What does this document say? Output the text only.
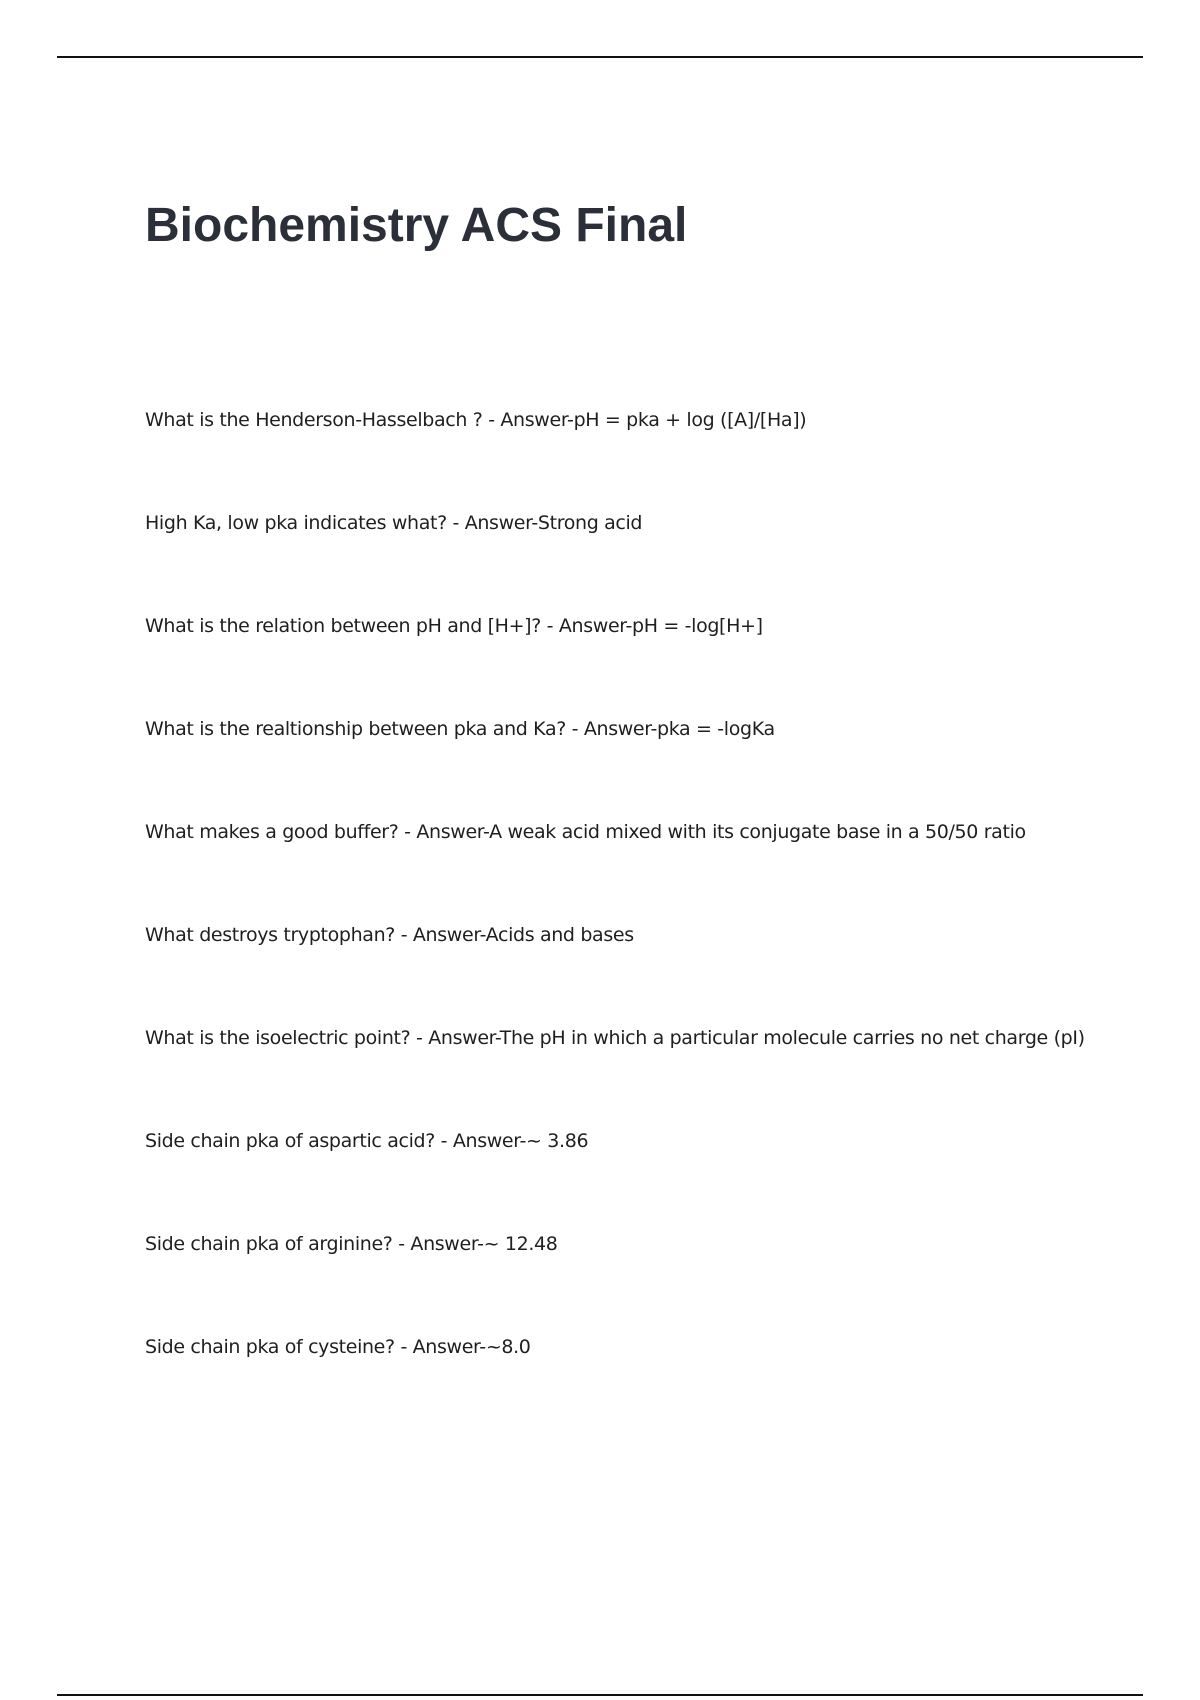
Biochemistry ACS Final
What is the Henderson-Hasselbach ? - Answer-pH = pka + log ([A]/[Ha])
High Ka, low pka indicates what? - Answer-Strong acid
What is the relation between pH and [H+]? - Answer-pH = -log[H+]
What is the realtionship between pka and Ka? - Answer-pka = -logKa
What makes a good buffer? - Answer-A weak acid mixed with its conjugate base in a 50/50 ratio
What destroys tryptophan? - Answer-Acids and bases
What is the isoelectric point? - Answer-The pH in which a particular molecule carries no net charge (pI)
Side chain pka of aspartic acid? - Answer-~ 3.86
Side chain pka of arginine? - Answer-~ 12.48
Side chain pka of cysteine? - Answer-~8.0
